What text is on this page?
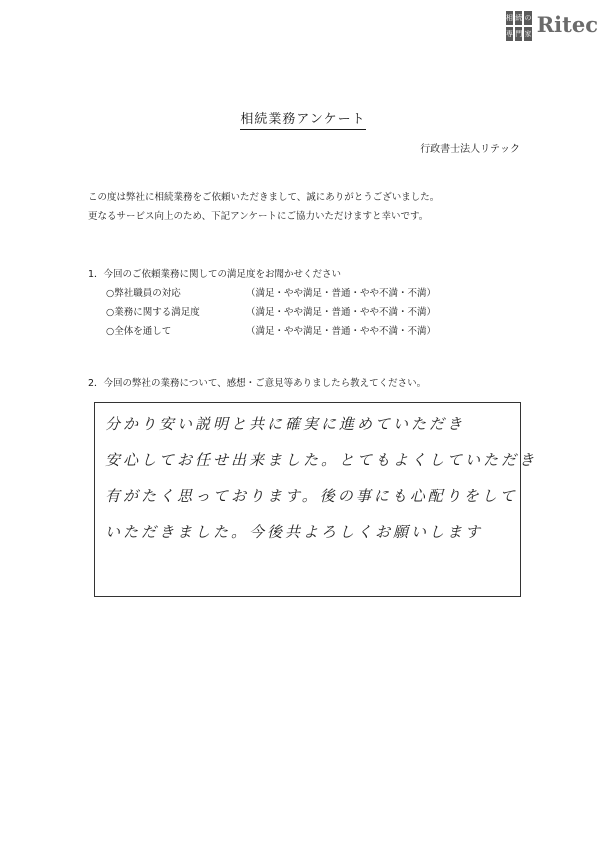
相 続 の
専 門 家 Ritec
相続業務アンケート
行政書士法人リテック
この度は弊社に相続業務をご依頼いただきまして、誠にありがとうございました。
更なるサービス向上のため、下記アンケートにご協力いただけますと幸いです。
1．今回のご依頼業務に関しての満足度をお聞かせください
○弊社職員の対応	（満足・やや満足・普通・やや不満・不満）
○業務に関する満足度	（満足・やや満足・普通・やや不満・不満）
○全体を通して	（満足・やや満足・普通・やや不満・不満）
2．今回の弊社の業務について、感想・ご意見等ありましたら教えてください。
分かり安い説明と共に確実に進めていただき
安心してお任せ出来ました。とてもよくしていただき
有がたく思っております。後の事にも心配りをして
いただきました。今後共よろしくお願いします
